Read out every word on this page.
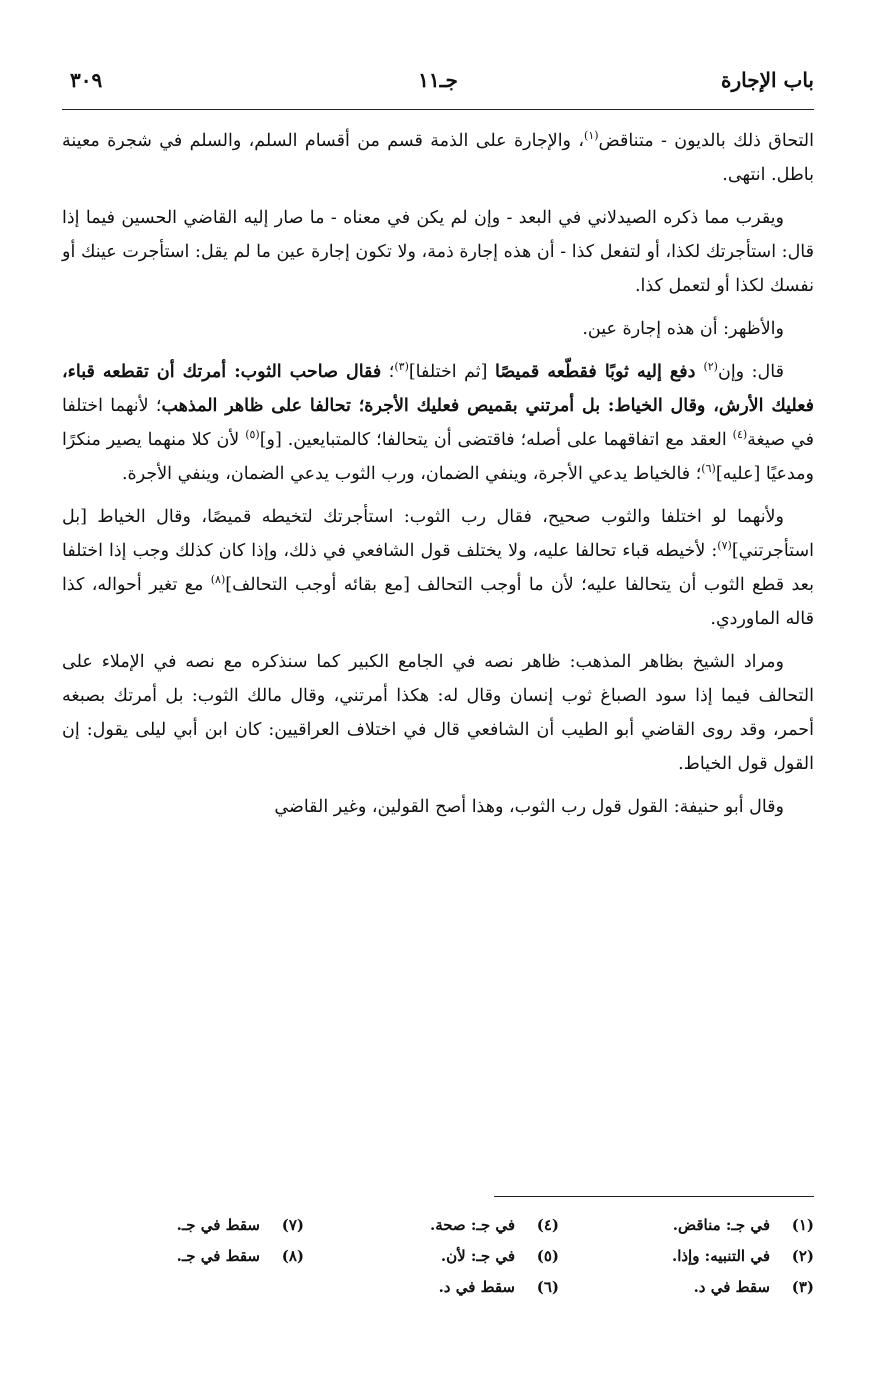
باب الإجارة
جـ١١
٣٠٩

التحاق ذلك بالديون - متناقض$^{(١)}$، والإجارة على الذمة قسم من أقسام السلم، والسلم في شجرة معينة باطل. انتهى.

ويقرب مما ذكره الصيدلاني في البعد - وإن لم يكن في معناه - ما صار إليه القاضي الحسين فيما إذا قال: استأجرتك لكذا، أو لتفعل كذا - أن هذه إجارة ذمة، ولا تكون إجارة عين ما لم يقل: استأجرت عينك أو نفسك لكذا أو لتعمل كذا.

والأظهر: أن هذه إجارة عين.

قال: وإن$^{(٢)}$ دفع إليه ثوبًا فقطّعه قميصًا [ثم اختلفا]$^{(٣)}$؛ فقال صاحب الثوب: أمرتك أن تقطعه قباء، فعليك الأرش، وقال الخياط: بل أمرتني بقميص فعليك الأجرة؛ تحالفا على ظاهر المذهب؛ لأنهما اختلفا في صيغة$^{(٤)}$ العقد مع اتفاقهما على أصله؛ فاقتضى أن يتحالفا؛ كالمتبايعين. [و]$^{(٥)}$ لأن كلا منهما يصير منكرًا ومدعيًا [عليه]$^{(٦)}$؛ فالخياط يدعي الأجرة، وينفي الضمان، ورب الثوب يدعي الضمان، وينفي الأجرة.

ولأنهما لو اختلفا والثوب صحيح، فقال رب الثوب: استأجرتك لتخيطه قميصًا، وقال الخياط [بل استأجرتني]$^{(٧)}$: لأخيطه قباء تحالفا عليه، ولا يختلف قول الشافعي في ذلك، وإذا كان كذلك وجب إذا اختلفا بعد قطع الثوب أن يتحالفا عليه؛ لأن ما أوجب التحالف [مع بقائه أوجب التحالف]$^{(٨)}$ مع تغير أحواله، كذا قاله الماوردي.

ومراد الشيخ بظاهر المذهب: ظاهر نصه في الجامع الكبير كما سنذكره مع نصه في الإملاء على التحالف فيما إذا سود الصباغ ثوب إنسان وقال له: هكذا أمرتني، وقال مالك الثوب: بل أمرتك بصبغه أحمر، وقد روى القاضي أبو الطيب أن الشافعي قال في اختلاف العراقيين: كان ابن أبي ليلى يقول: إن القول قول الخياط.

وقال أبو حنيفة: القول قول رب الثوب، وهذا أصح القولين، وغير القاضي

(١)في جـ: مناقض.
(٢)في التنبيه: وإذا.
(٣)سقط في د.
(٤)في جـ: صحة.
(٥)في جـ: لأن.
(٦)سقط في د.
(٧)سقط في جـ.
(٨)سقط في جـ.
